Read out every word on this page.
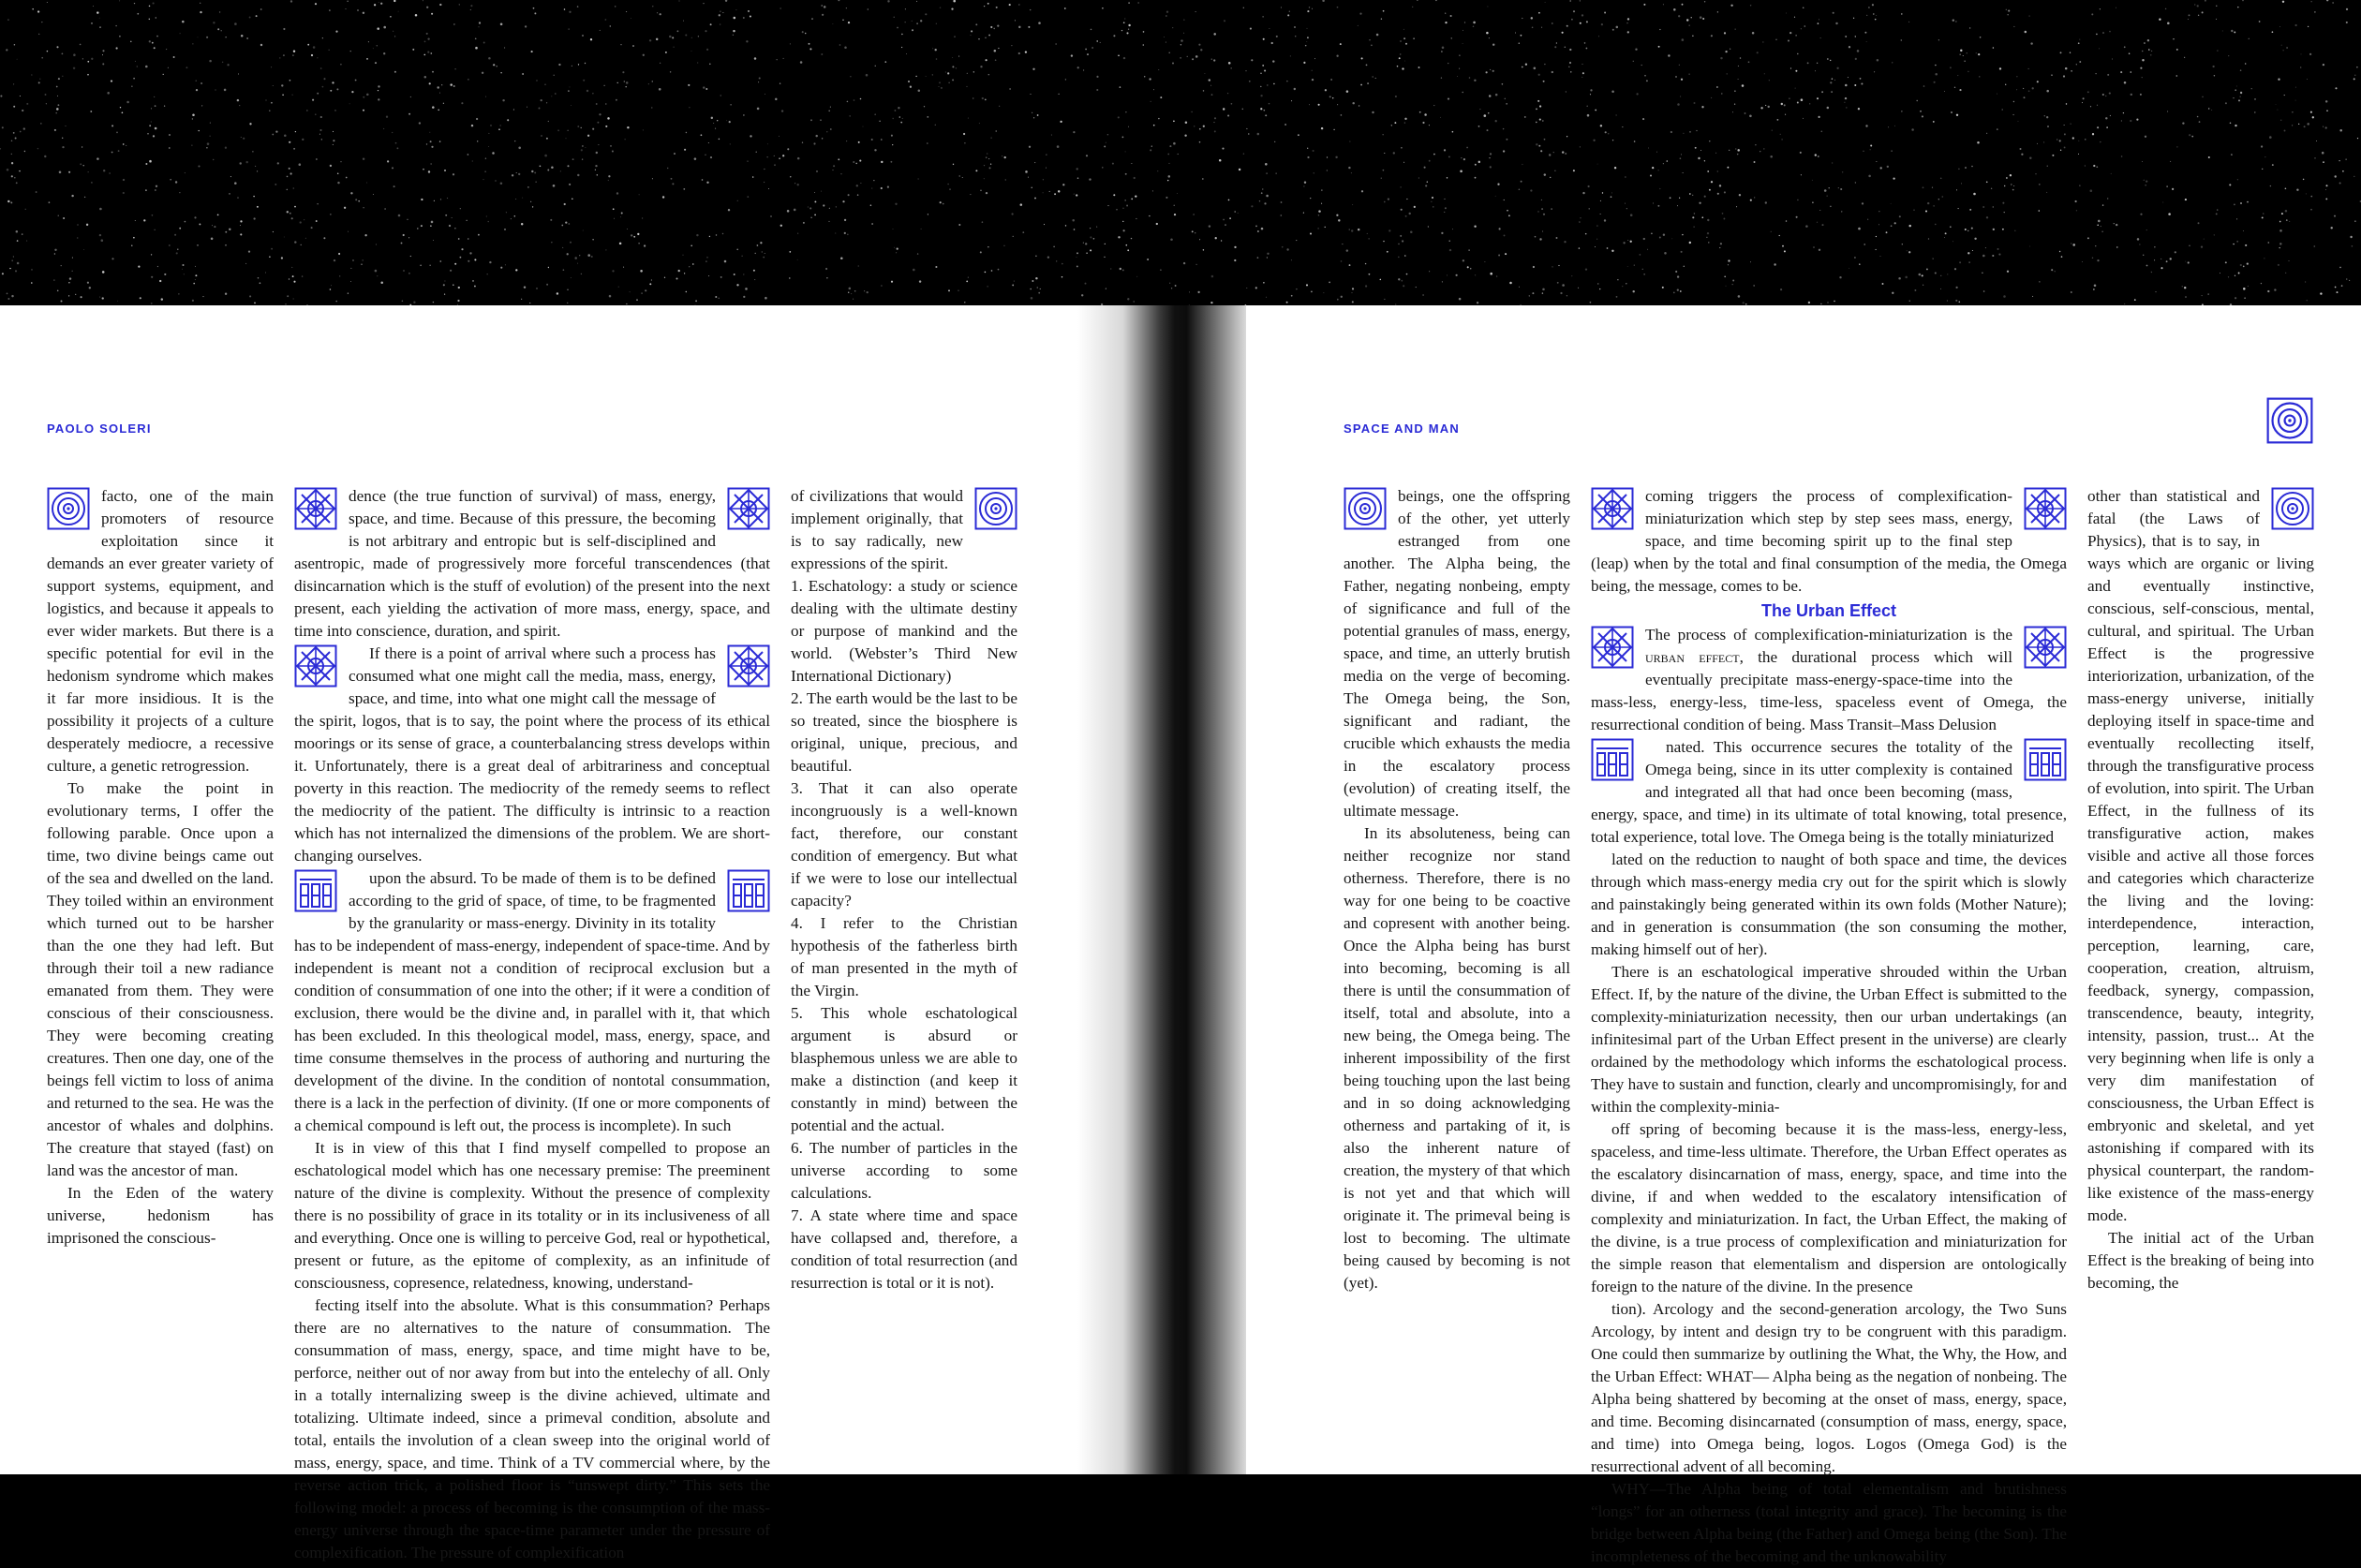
PAOLO SOLERI

facto, one of the main promoters of resource exploitation since it demands an ever greater variety of support systems, equipment, and logistics, and because it appeals to ever wider markets. But there is a specific potential for evil in the hedonism syndrome which makes it far more insidious. It is the possibility it projects of a culture desperately mediocre, a recessive culture, a genetic retrogression.

To make the point in evolutionary terms, I offer the following parable. Once upon a time, two divine beings came out of the sea and dwelled on the land. They toiled within an environment which turned out to be harsher than the one they had left. But through their toil a new radiance emanated from them. They were conscious of their consciousness. They were becoming creating creatures. Then one day, one of the beings fell victim to loss of anima and returned to the sea. He was the ancestor of whales and dolphins. The creature that stayed (fast) on land was the ancestor of man.

In the Eden of the watery universe, hedonism has imprisoned the conscious-

dence (the true function of survival) of mass, energy, space, and time. Because of this pressure, the becoming is not arbitrary and entropic but is self-disciplined and asentropic, made of progressively more forceful transcendences (that disincarnation which is the stuff of evolution) of the present into the next present, each yielding the activation of more mass, energy, space, and time into conscience, duration, and spirit.

If there is a point of arrival where such a process has consumed what one might call the media, mass, energy, space, and time, into what one might call the message of the spirit, logos, that is to say, the point where the process of its ethical moorings or its sense of grace, a counterbalancing stress develops within it. Unfortunately, there is a great deal of arbitrariness and conceptual poverty in this reaction. The mediocrity of the remedy seems to reflect the mediocrity of the patient. The difficulty is intrinsic to a reaction which has not internalized the dimensions of the problem. We are short-changing ourselves.

upon the absurd. To be made of them is to be defined according to the grid of space, of time, to be fragmented by the granularity or mass-energy. Divinity in its totality has to be independent of mass-energy, independent of space-time. And by independent is meant not a condition of reciprocal exclusion but a condition of consummation of one into the other; if it were a condition of exclusion, there would be the divine and, in parallel with it, that which has been excluded. In this theological model, mass, energy, space, and time consume themselves in the process of authoring and nurturing the development of the divine. In the condition of nontotal consummation, there is a lack in the perfection of divinity. (If one or more components of a chemical compound is left out, the process is incomplete). In such

It is in view of this that I find myself compelled to propose an eschatological model which has one necessary premise: The preeminent nature of the divine is complexity. Without the presence of complexity there is no possibility of grace in its totality or in its inclusiveness of all and everything. Once one is willing to perceive God, real or hypothetical, present or future, as the epitome of complexity, as an infinitude of consciousness, copresence, relatedness, knowing, understand-

fecting itself into the absolute. What is this consummation? Perhaps there are no alternatives to the nature of consummation. The consummation of mass, energy, space, and time might have to be, perforce, neither out of nor away from but into the entelechy of all. Only in a totally internalizing sweep is the divine achieved, ultimate and totalizing. Ultimate indeed, since a primeval condition, absolute and total, entails the involution of a clean sweep into the original world of mass, energy, space, and time. Think of a TV commercial where, by the reverse action trick, a polished floor is “unswept dirty.” This sets the following model: a process of becoming is the consumption of the mass-energy universe through the space-time parameter under the pressure of complexification. The pressure of complexification

of civilizations that would implement originally, that is to say radically, new expressions of the spirit.

1. Eschatology: a study or science dealing with the ultimate destiny or purpose of mankind and the world. (Webster’s Third New International Dictionary)

2. The earth would be the last to be so treated, since the biosphere is original, unique, precious, and beautiful.

3. That it can also operate incongruously is a well-known fact, therefore, our constant condition of emergency. But what if we were to lose our intellectual capacity?

4. I refer to the Christian hypothesis of the fatherless birth of man presented in the myth of the Virgin.

5. This whole eschatological argument is absurd or blasphemous unless we are able to make a distinction (and keep it constantly in mind) between the potential and the actual.

6. The number of particles in the universe according to some calculations.

7. A state where time and space have collapsed and, therefore, a condition of total resurrection (and resurrection is total or it is not).

SPACE AND MAN

beings, one the offspring of the other, yet utterly estranged from one another. The Alpha being, the Father, negating nonbeing, empty of significance and full of the potential granules of mass, energy, space, and time, an utterly brutish media on the verge of becoming. The Omega being, the Son, significant and radiant, the crucible which exhausts the media in the escalatory process (evolution) of creating itself, the ultimate message.

In its absoluteness, being can neither recognize nor stand otherness. Therefore, there is no way for one being to be coactive and copresent with another being. Once the Alpha being has burst into becoming, becoming is all there is until the consummation of itself, total and absolute, into a new being, the Omega being. The inherent impossibility of the first being touching upon the last being and in so doing acknowledging otherness and partaking of it, is also the inherent nature of creation, the mystery of that which is not yet and that which will originate it. The primeval being is lost to becoming. The ultimate being caused by becoming is not (yet).

coming triggers the process of complexification-miniaturization which step by step sees mass, energy, space, and time becoming spirit up to the final step (leap) when by the total and final consumption of the media, the Omega being, the message, comes to be.

The Urban Effect

The process of complexification-miniaturization is the urban effect, the durational process which will eventually precipitate mass-energy-space-time into the mass-less, energy-less, time-less, spaceless event of Omega, the resurrectional condition of being. Mass Transit–Mass Delusion

nated. This occurrence secures the totality of the Omega being, since in its utter complexity is contained and integrated all that had once been becoming (mass, energy, space, and time) in its ultimate of total knowing, total presence, total experience, total love. The Omega being is the totally miniaturized

lated on the reduction to naught of both space and time, the devices through which mass-energy media cry out for the spirit which is slowly and painstakingly being generated within its own folds (Mother Nature); and in generation is consummation (the son consuming the mother, making himself out of her).

There is an eschatological imperative shrouded within the Urban Effect. If, by the nature of the divine, the Urban Effect is submitted to the complexity-miniaturization necessity, then our urban undertakings (an infinitesimal part of the Urban Effect present in the universe) are clearly ordained by the methodology which informs the eschatological process. They have to sustain and function, clearly and uncompromisingly, for and within the complexity-minia-

off spring of becoming because it is the mass-less, energy-less, spaceless, and time-less ultimate. Therefore, the Urban Effect operates as the escalatory disincarnation of mass, energy, space, and time into the divine, if and when wedded to the escalatory intensification of complexity and miniaturization. In fact, the Urban Effect, the making of the divine, is a true process of complexification and miniaturization for the simple reason that elementalism and dispersion are ontologically foreign to the nature of the divine. In the presence

tion). Arcology and the second-generation arcology, the Two Suns Arcology, by intent and design try to be congruent with this paradigm. One could then summarize by outlining the What, the Why, the How, and the Urban Effect: WHAT— Alpha being as the negation of nonbeing. The Alpha being shattered by becoming at the onset of mass, energy, space, and time. Becoming disincarnated (consumption of mass, energy, space, and time) into Omega being, logos. Logos (Omega God) is the resurrectional advent of all becoming.

WHY—The Alpha being of total elementalism and brutishness “longs” for an otherness (total integrity and grace). The becoming is the bridge between Alpha being (the Father) and Omega being (the Son). The incompleteness of the becoming and the unknowability

other than statistical and fatal (the Laws of Physics), that is to say, in ways which are organic or living and eventually instinctive, conscious, self-conscious, mental, cultural, and spiritual. The Urban Effect is the progressive interiorization, urbanization, of the mass-energy universe, initially deploying itself in space-time and eventually recollecting itself, through the transfigurative process of evolution, into spirit. The Urban Effect, in the fullness of its transfigurative action, makes visible and active all those forces and categories which characterize the living and the loving: interdependence, interaction, perception, learning, care, cooperation, creation, altruism, feedback, synergy, compassion, transcendence, beauty, integrity, intensity, passion, trust... At the very beginning when life is only a very dim manifestation of consciousness, the Urban Effect is embryonic and skeletal, and yet astonishing if compared with its physical counterpart, the random-like existence of the mass-energy mode.

The initial act of the Urban Effect is the breaking of being into becoming, the
